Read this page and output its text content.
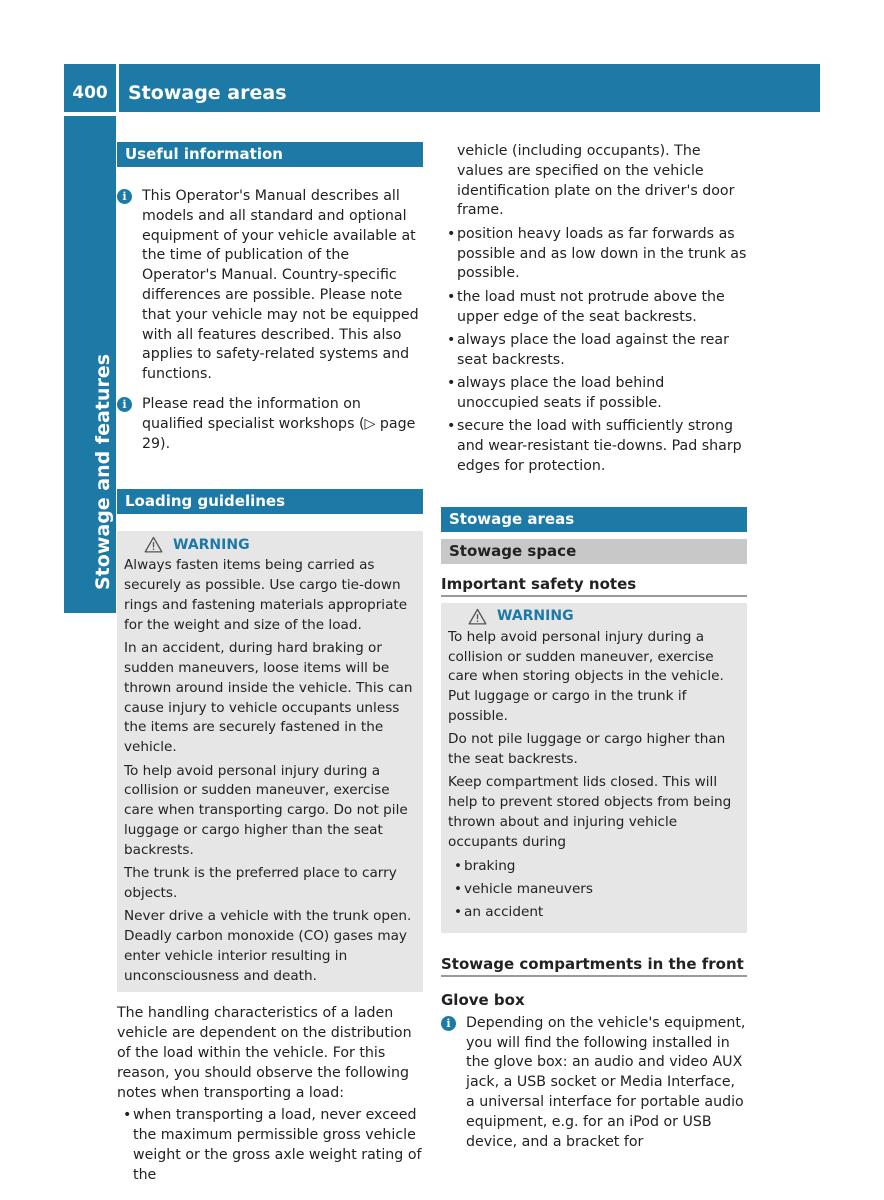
400	Stowage areas
Stowage and features
Useful information
i	This Operator's Manual describes all models and all standard and optional equipment of your vehicle available at the time of publication of the Operator's Manual. Country-specific differences are possible. Please note that your vehicle may not be equipped with all features described. This also applies to safety-related systems and functions.

i	Please read the information on qualified specialist workshops (▷ page 29).

Loading guidelines
WARNING

Always fasten items being carried as securely as possible. Use cargo tie-down rings and fastening materials appropriate for the weight and size of the load.

In an accident, during hard braking or sudden maneuvers, loose items will be thrown around inside the vehicle. This can cause injury to vehicle occupants unless the items are securely fastened in the vehicle.

To help avoid personal injury during a collision or sudden maneuver, exercise care when transporting cargo. Do not pile luggage or cargo higher than the seat backrests.

The trunk is the preferred place to carry objects.

Never drive a vehicle with the trunk open. Deadly carbon monoxide (CO) gases may enter vehicle interior resulting in unconsciousness and death.

The handling characteristics of a laden vehicle are dependent on the distribution of the load within the vehicle. For this reason, you should observe the following notes when transporting a load:

• when transporting a load, never exceed the maximum permissible gross vehicle weight or the gross axle weight rating of the

vehicle (including occupants). The values are specified on the vehicle identification plate on the driver's door frame.

• position heavy loads as far forwards as possible and as low down in the trunk as possible.
• the load must not protrude above the upper edge of the seat backrests.
• always place the load against the rear seat backrests.
• always place the load behind unoccupied seats if possible.
• secure the load with sufficiently strong and wear-resistant tie-downs. Pad sharp edges for protection.
Stowage areas
Stowage space
Important safety notes
WARNING

To help avoid personal injury during a collision or sudden maneuver, exercise care when storing objects in the vehicle. Put luggage or cargo in the trunk if possible.

Do not pile luggage or cargo higher than the seat backrests.

Keep compartment lids closed. This will help to prevent stored objects from being thrown about and injuring vehicle occupants during

• braking
• vehicle maneuvers
• an accident
Stowage compartments in the front
Glove box
i	Depending on the vehicle's equipment, you will find the following installed in the glove box: an audio and video AUX jack, a USB socket or Media Interface, a universal interface for portable audio equipment, e.g. for an iPod or USB device, and a bracket for
